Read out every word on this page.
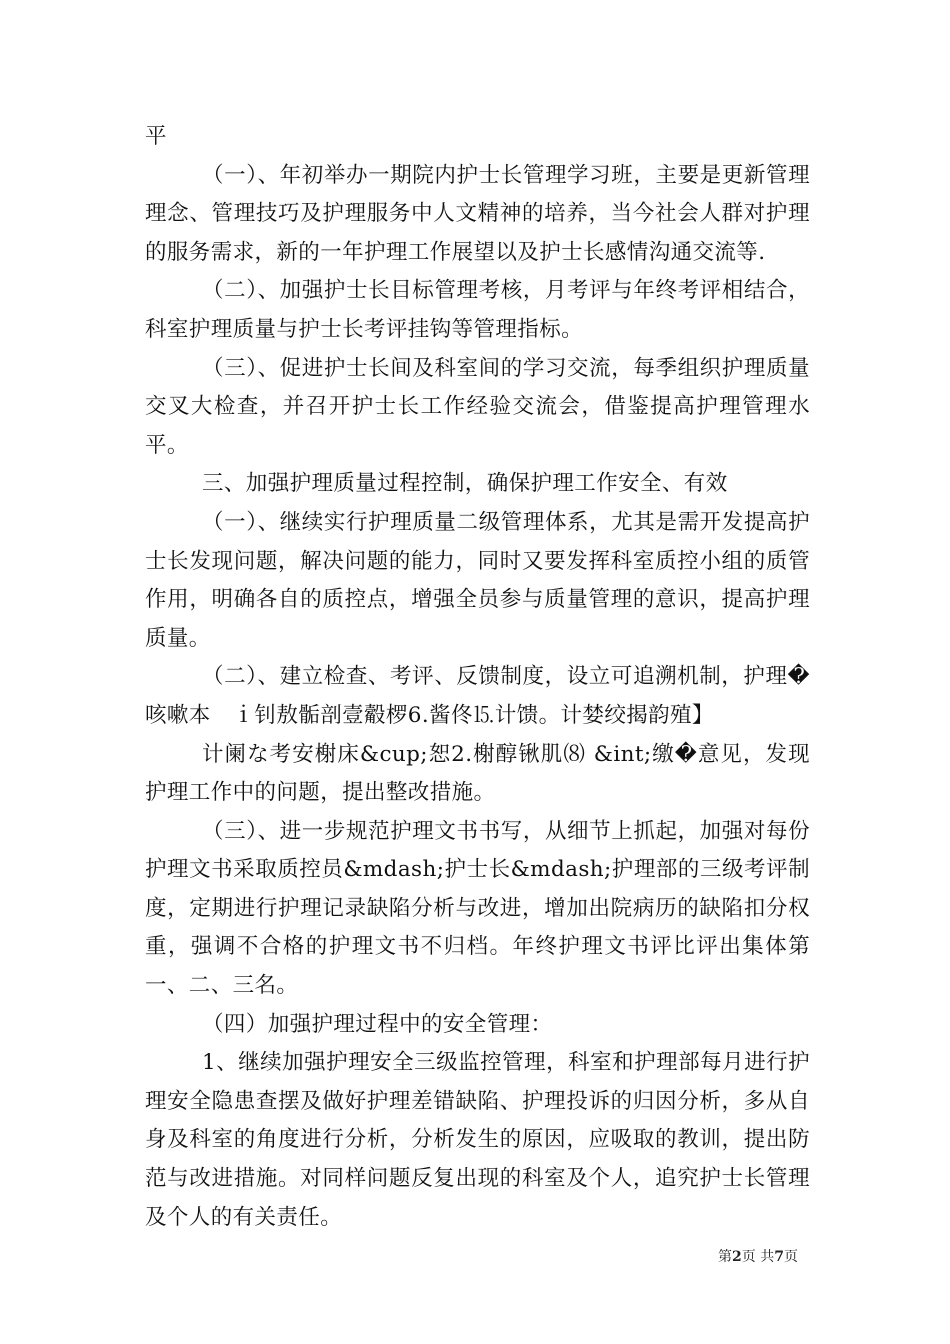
平

（一）、年初举办一期院内护士长管理学习班，主要是更新管理理念、管理技巧及护理服务中人文精神的培养，当今社会人群对护理的服务需求，新的一年护理工作展望以及护士长感情沟通交流等.

（二）、加强护士长目标管理考核，月考评与年终考评相结合，科室护理质量与护士长考评挂钩等管理指标。

（三）、促进护士长间及科室间的学习交流，每季组织护理质量交叉大检查，并召开护士长工作经验交流会，借鉴提高护理管理水平。

三、加强护理质量过程控制，确保护理工作安全、有效

（一）、继续实行护理质量二级管理体系，尤其是需开发提高护士长发现问题，解决问题的能力，同时又要发挥科室质控小组的质管作用，明确各自的质控点，增强全员参与质量管理的意识，提高护理质量。

（二）、建立检查、考评、反馈制度，设立可追溯机制，护理�咳嗽本　ｉ钊敖骺剖壹觳椤6.酱佟⒖计馈。计婪绞揭韵殖】

计阑な考安榭床&cup;恕2.榭醇锹肌⑻ &int;缴�意见，发现护理工作中的问题，提出整改措施。

（三）、进一步规范护理文书书写，从细节上抓起，加强对每份护理文书采取质控员&mdash;护士长&mdash;护理部的三级考评制度，定期进行护理记录缺陷分析与改进，增加出院病历的缺陷扣分权重，强调不合格的护理文书不归档。年终护理文书评比评出集体第一、二、三名。

（四）加强护理过程中的安全管理：

1、继续加强护理安全三级监控管理，科室和护理部每月进行护理安全隐患查摆及做好护理差错缺陷、护理投诉的归因分析，多从自身及科室的角度进行分析，分析发生的原因，应吸取的教训，提出防范与改进措施。对同样问题反复出现的科室及个人，追究护士长管理及个人的有关责任。

第2页 共7页
